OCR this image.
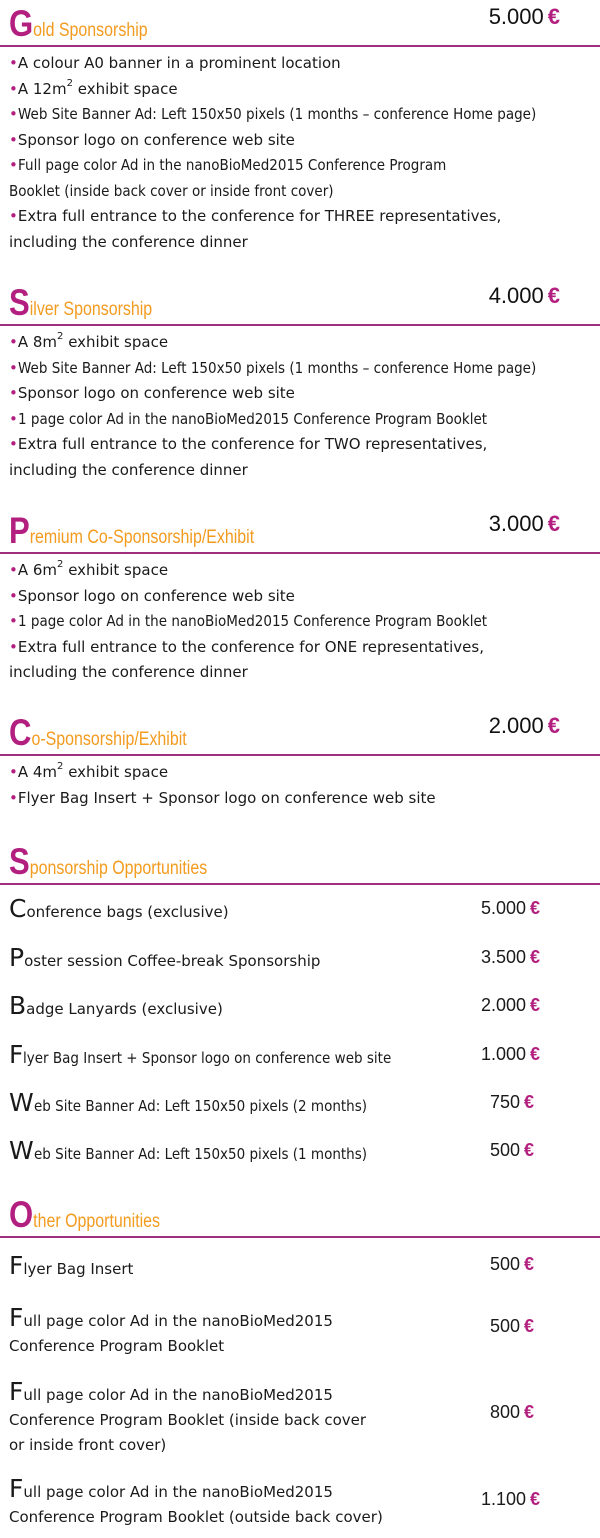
Gold Sponsorship
5.000 €
•A colour A0 banner in a prominent location
•A $12m^2$ exhibit space
•Web Site Banner Ad: Left 150x50 pixels (1 months – conference Home page)
•Sponsor logo on conference web site
•Full page color Ad in the nanoBioMed2015 Conference Program
Booklet (inside back cover or inside front cover)
•Extra full entrance to the conference for THREE representatives,
including the conference dinner
Silver Sponsorship
4.000 €
•A $8m^2$ exhibit space
•Web Site Banner Ad: Left 150x50 pixels (1 months – conference Home page)
•Sponsor logo on conference web site
•1 page color Ad in the nanoBioMed2015 Conference Program Booklet
•Extra full entrance to the conference for TWO representatives,
including the conference dinner
Premium Co-Sponsorship/Exhibit
3.000 €
•A $6m^2$ exhibit space
•Sponsor logo on conference web site
•1 page color Ad in the nanoBioMed2015 Conference Program Booklet
•Extra full entrance to the conference for ONE representatives,
including the conference dinner
Co-Sponsorship/Exhibit
2.000 €
•A $4m^2$ exhibit space
•Flyer Bag Insert + Sponsor logo on conference web site
Sponsorship Opportunities
Conference bags (exclusive)	5.000 €
Poster session Coffee-break Sponsorship	3.500 €
Badge Lanyards (exclusive)	2.000 €
Flyer Bag Insert + Sponsor logo on conference web site	1.000 €
Web Site Banner Ad: Left 150x50 pixels (2 months)	750 €
Web Site Banner Ad: Left 150x50 pixels (1 months)	500 €
Other Opportunities
Flyer Bag Insert	500 €
Full page color Ad in the nanoBioMed2015
Conference Program Booklet
500 €
Full page color Ad in the nanoBioMed2015
Conference Program Booklet (inside back cover
or inside front cover)
800 €
Full page color Ad in the nanoBioMed2015
Conference Program Booklet (outside back cover)
1.100 €
